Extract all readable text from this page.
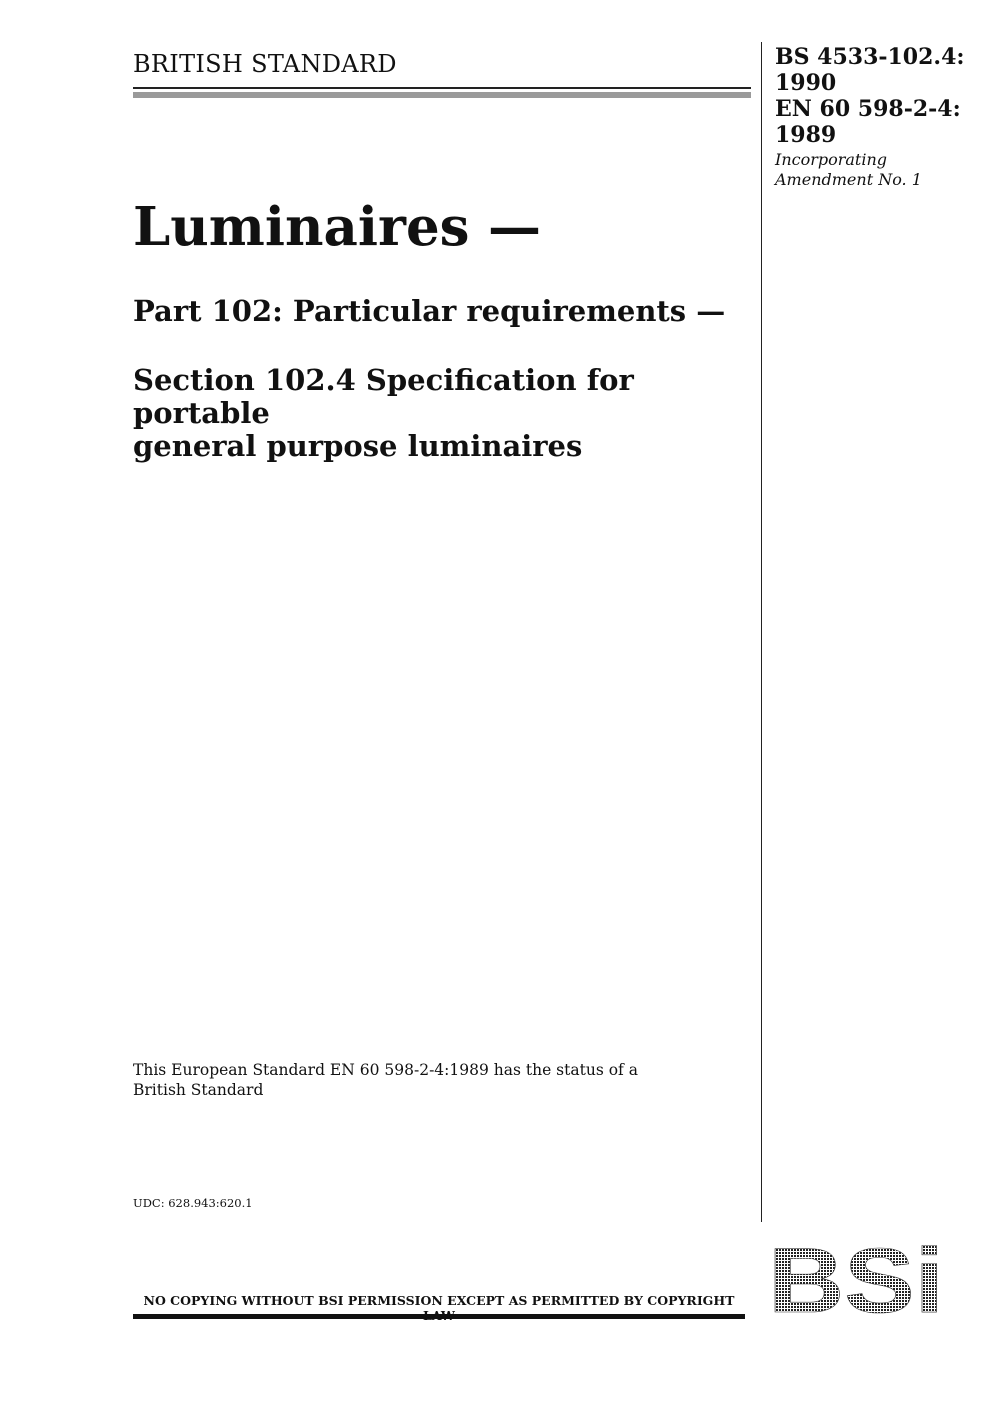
BRITISH STANDARD	BS 4533-102.4:
1990
EN 60 598-2-4:
1989
Incorporating
Amendment No. 1
Luminaires —
Part 102: Particular requirements —
Section 102.4 Specification for portable
general purpose luminaires
This European Standard EN 60 598-2-4:1989 has the status of a
British Standard
UDC: 628.943:620.1
NO COPYING WITHOUT BSI PERMISSION EXCEPT AS PERMITTED BY COPYRIGHT BSi
